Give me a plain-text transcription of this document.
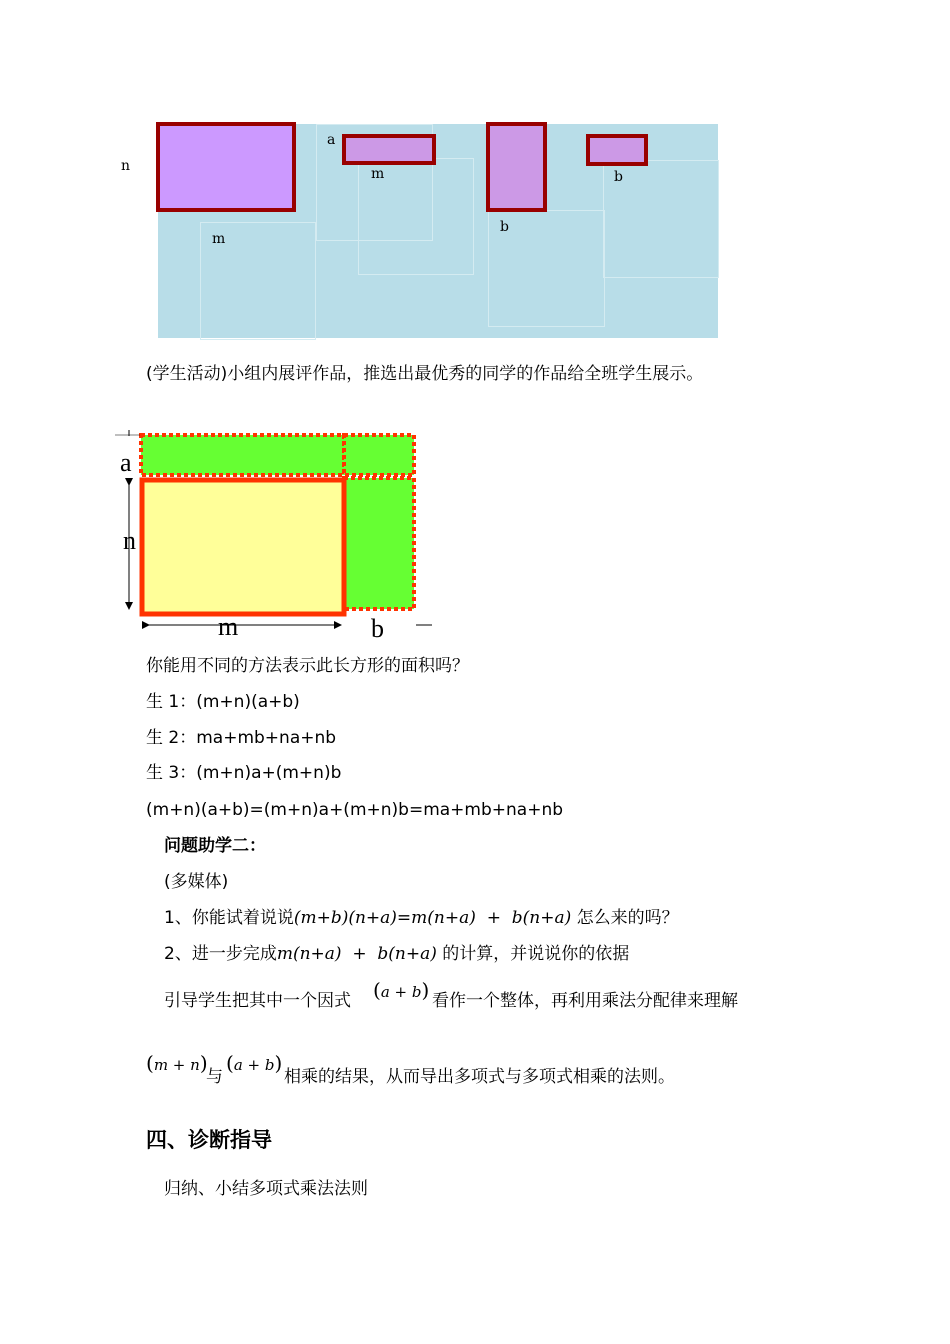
n
m
a
m
b
b
(学生活动)小组内展评作品，推选出最优秀的同学的作品给全班学生展示。
a
n
m	b
你能用不同的方法表示此长方形的面积吗？
生 1：(m+n)(a+b)
生 2：ma+mb+na+nb
生 3：(m+n)a+(m+n)b
(m+n)(a+b)=(m+n)a+(m+n)b=ma+mb+na+nb
问题助学二：
(多媒体)
1、你能试着说说(m+b)(n+a)=m(n+a)  +  b(n+a) 怎么来的吗？
2、进一步完成m(n+a)  +  b(n+a) 的计算，并说说你的依据
引导学生把其中一个因式 (a + b) 看作一个整体，再利用乘法分配律来理解
(m + n)
与
(a + b)
相乘的结果，从而导出多项式与多项式相乘的法则。
四、诊断指导
归纳、小结多项式乘法法则
